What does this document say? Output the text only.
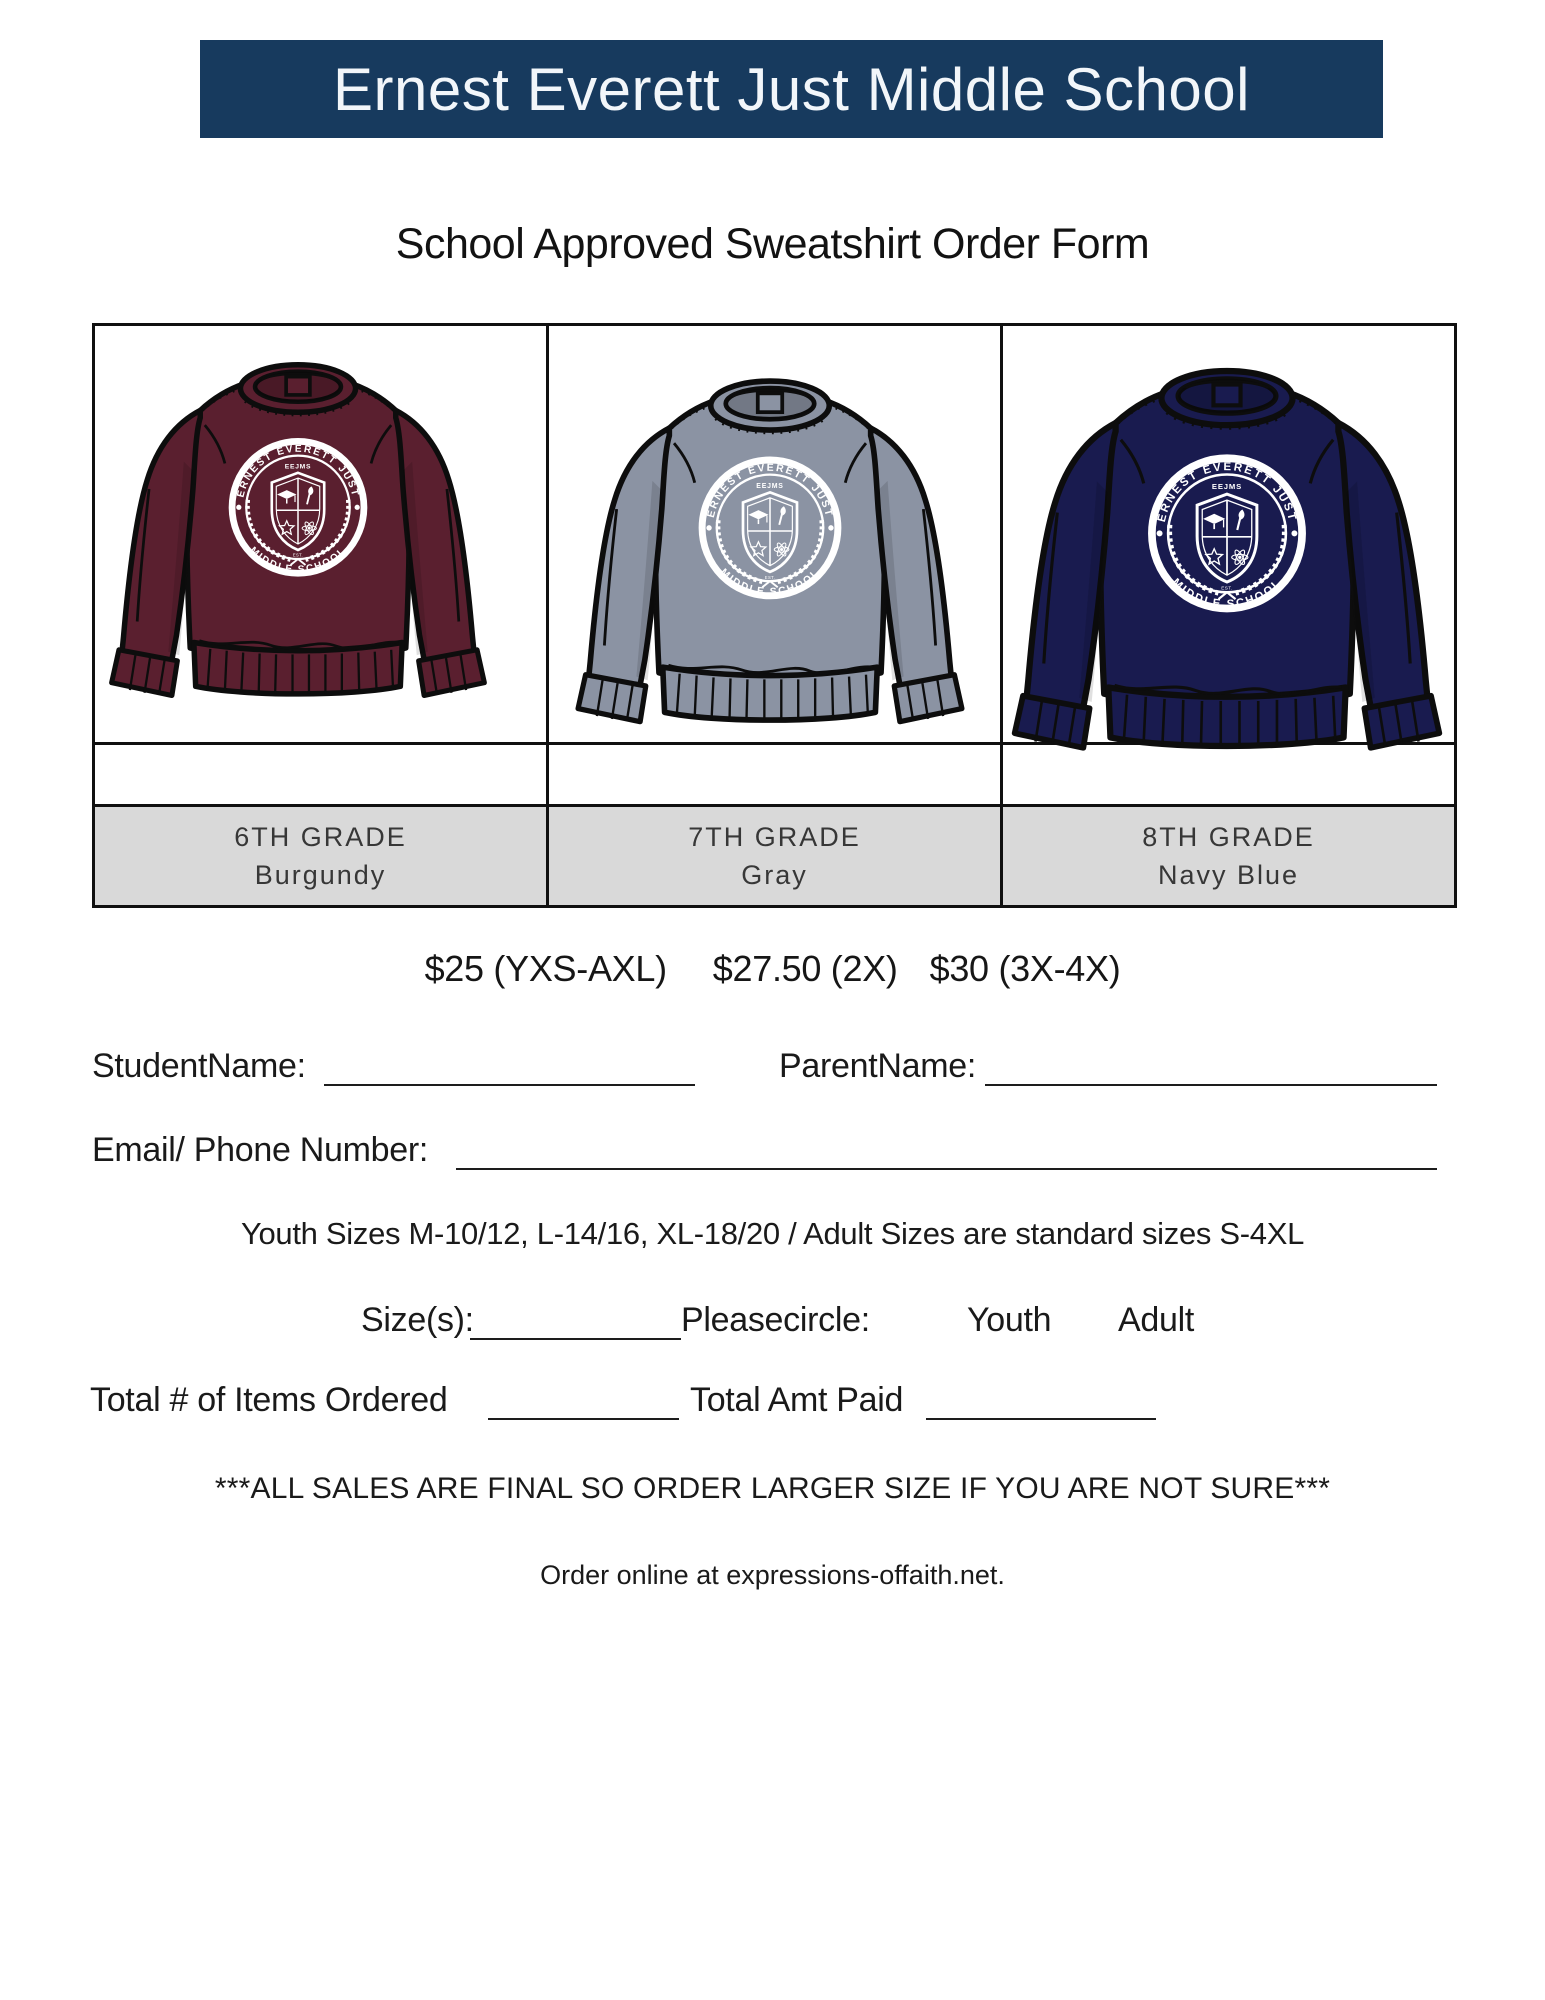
Ernest Everett Just Middle School
School Approved Sweatshirt Order Form
6TH GRADE
Burgundy
7TH GRADE
Gray
8TH GRADE
Navy Blue
$25 (YXS-AXL) $27.50 (2X) $30 (3X-4X)
StudentName:	ParentName:
Email/ Phone Number:
Youth Sizes M-10/12, L-14/16, XL-18/20 / Adult Sizes are standard sizes S-4XL
Size(s):	Pleasecircle:	Youth Adult
Total # of Items Ordered	Total Amt Paid
***ALL SALES ARE FINAL SO ORDER LARGER SIZE IF YOU ARE NOT SURE***
Order online at expressions-offaith.net.
